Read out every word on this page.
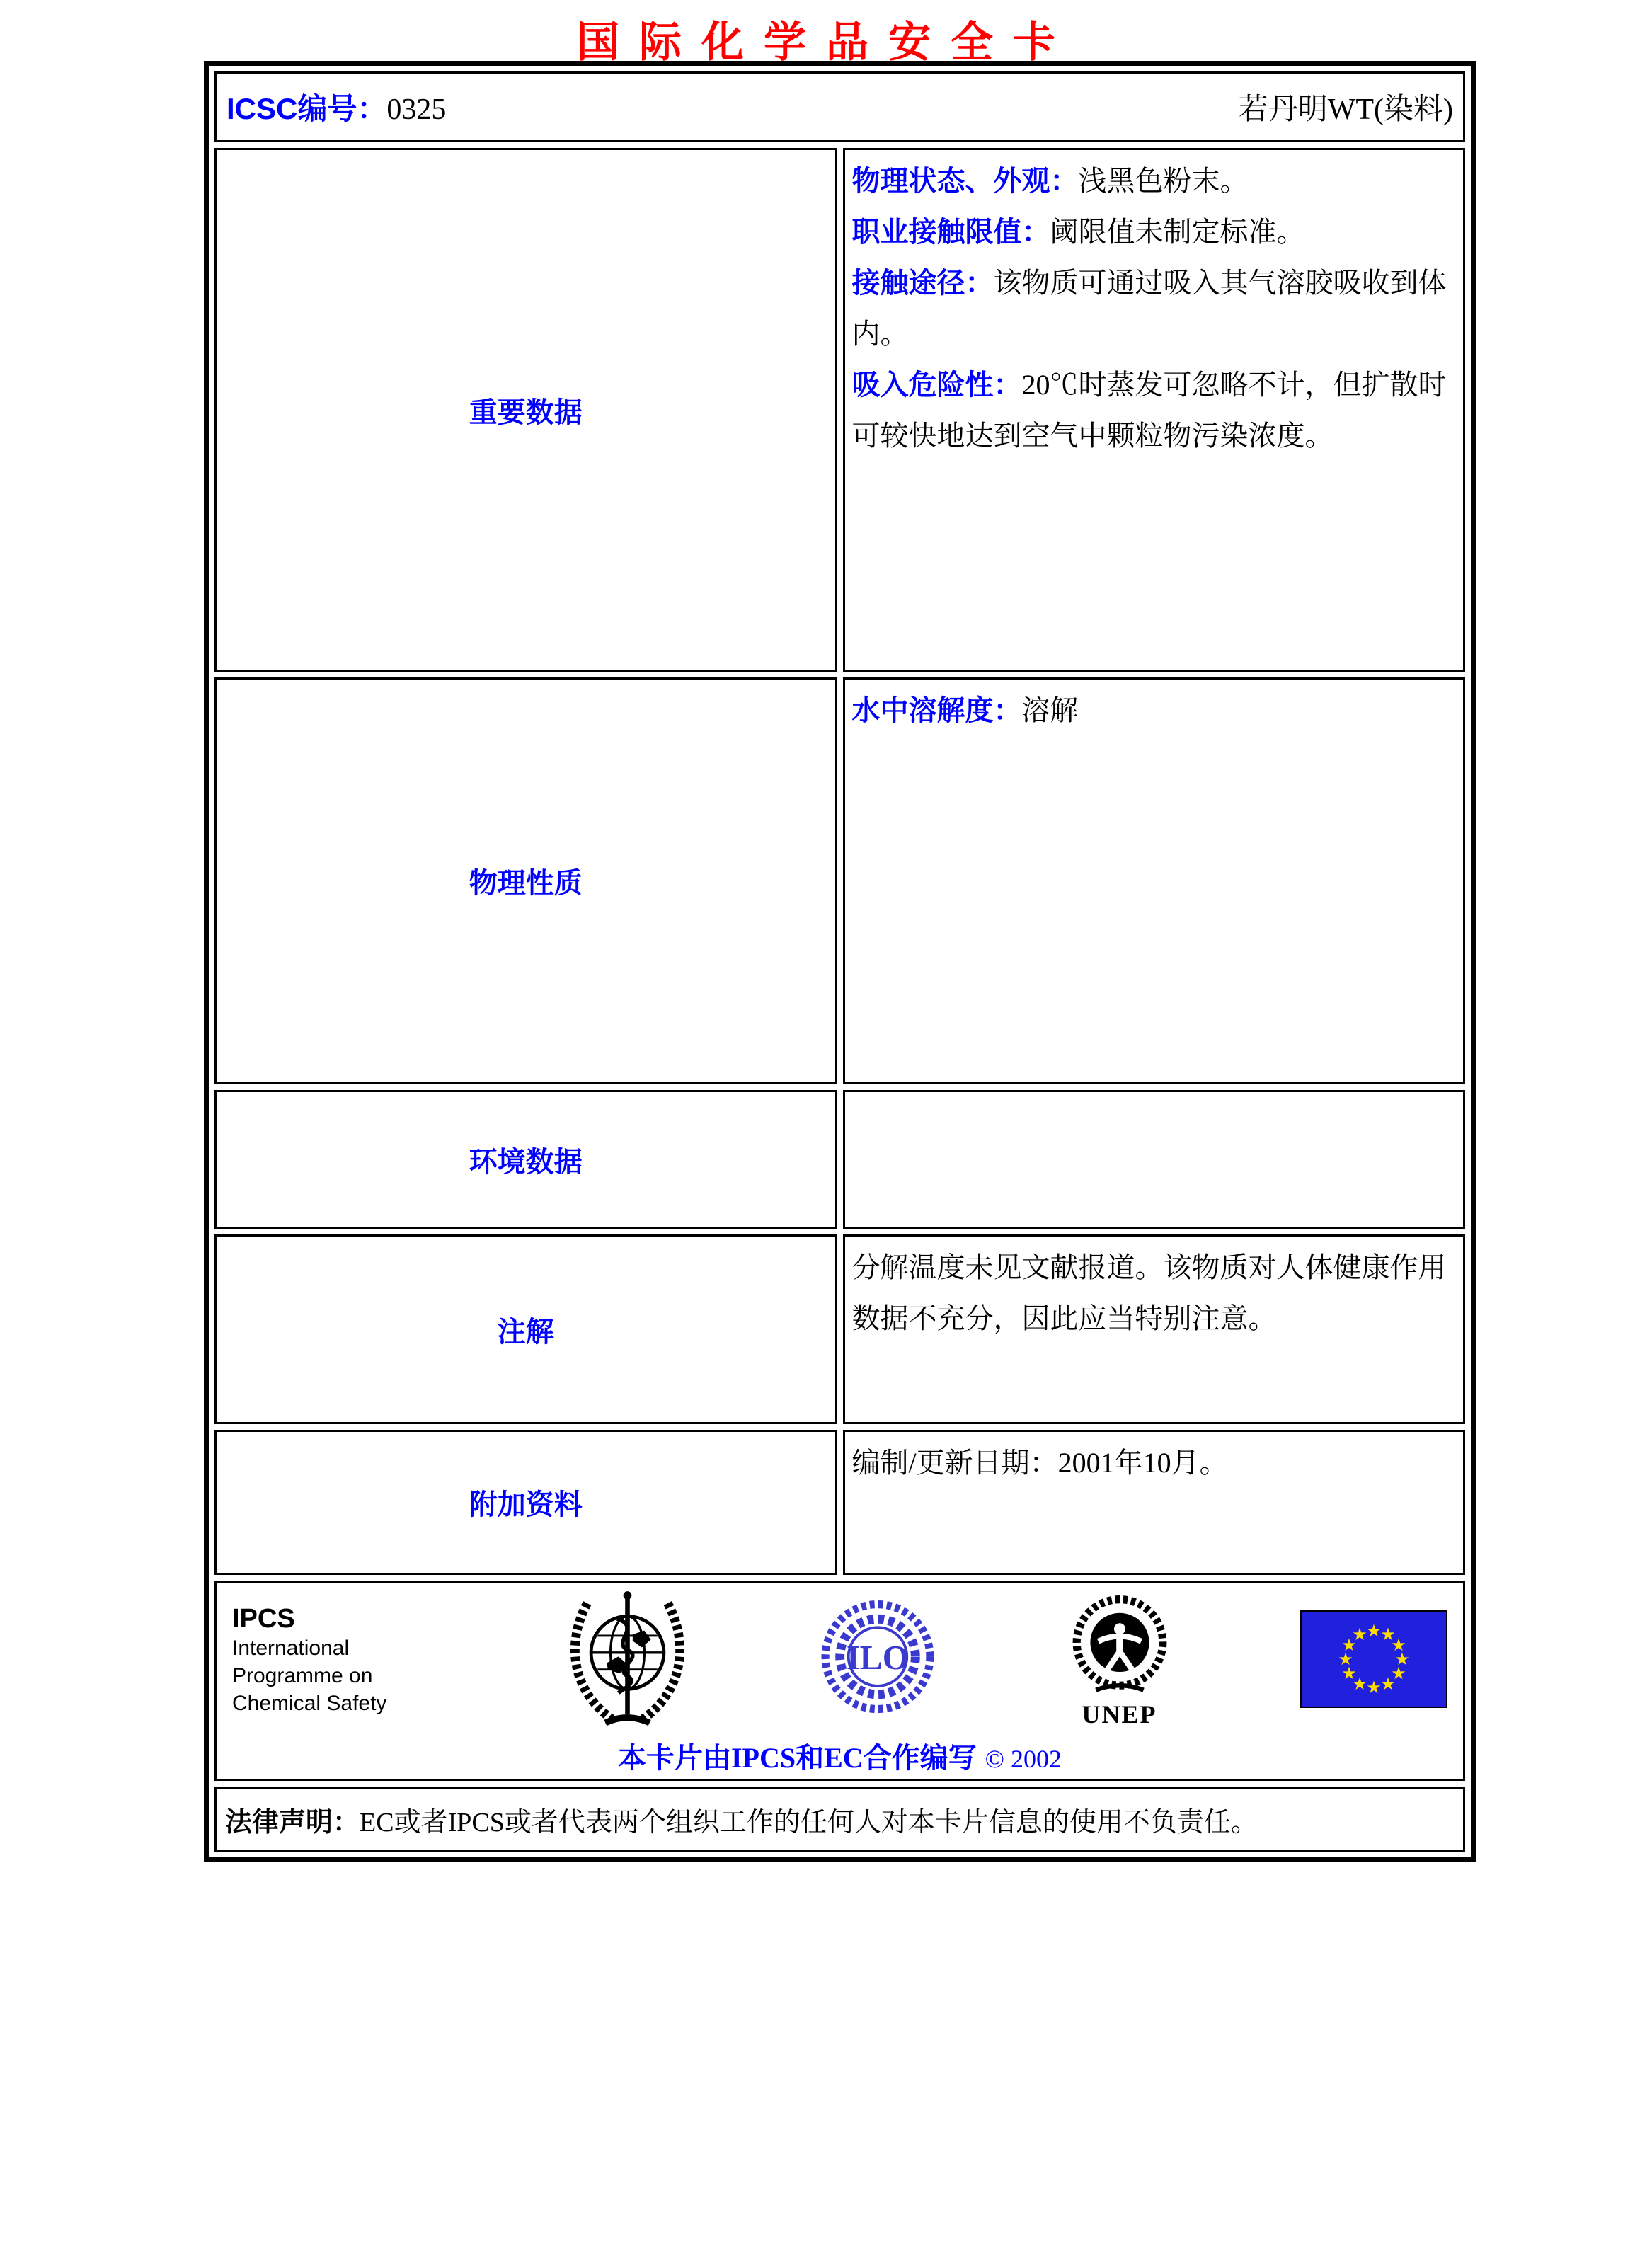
国际化学品安全卡
ICSC编号：0325 若丹明WT(染料)	

重要数据	物理状态、外观：浅黑色粉末。
职业接触限值：阈限值未制定标准。
接触途径：该物质可通过吸入其气溶胶吸收到体内。
吸入危险性：20℃时蒸发可忽略不计，但扩散时可较快地达到空气中颗粒物污染浓度。

物理性质	水中溶解度：溶解

环境数据	
注解	分解温度未见文献报道。该物质对人体健康作用数据不充分，因此应当特别注意。

附加资料	编制/更新日期：2001年10月。

IPCS
International
Programme on
Chemical Safety
ILO
UNEP
★
★
★
★
★
★
★
★
★
★
★
★
本卡片由IPCS和EC合作编写 © 2002

法律声明：EC或者IPCS或者代表两个组织工作的任何人对本卡片信息的使用不负责任。	
